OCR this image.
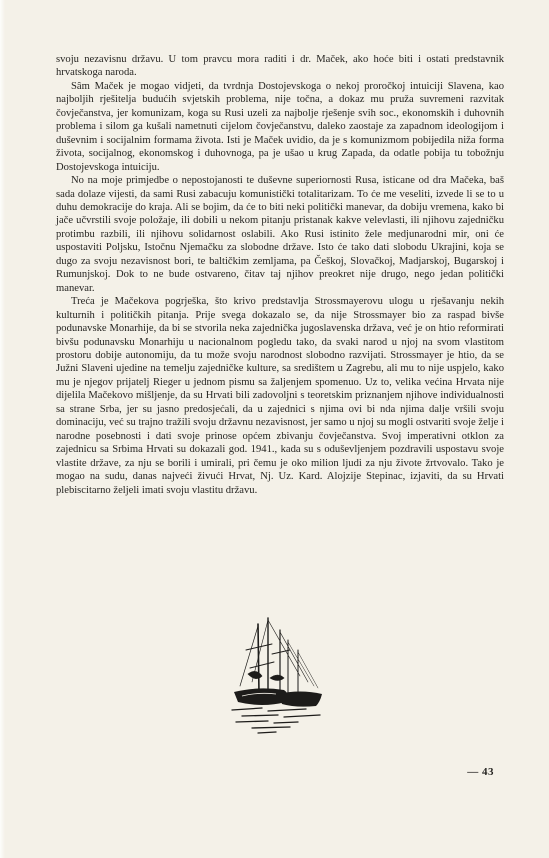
svoju nezavisnu državu. U tom pravcu mora raditi i dr. Maček, ako hoće biti i ostati predstavnik hrvatskoga naroda.

Sâm Maček je mogao vidjeti, da tvrdnja Dostojevskoga o nekoj proročkoj intuiciji Slavena, kao najboljih rješitelja budućih svjetskih problema, nije točna, a dokaz mu pruža suvremeni razvitak čovječanstva, jer komunizam, koga su Rusi uzeli za najbolje rješenje svih soc., ekonomskih i duhovnih problema i silom ga kušali nametnuti cijelom čovječanstvu, daleko zaostaje za zapadnom ideologijom i duševnim i socijalnim formama života. Isti je Maček uvidio, da je s komunizmom pobijedila niža forma života, socijalnog, ekonomskog i duhovnoga, pa je ušao u krug Zapada, da odatle pobija tu tobožnju Dostojevskoga intuiciju.

No na moje primjedbe o nepostojanosti te duševne superiornosti Rusa, isticane od dra Mačeka, baš sada dolaze vijesti, da sami Rusi zabacuju komunistički totalitarizam. To će me veseliti, izvede li se to u duhu demokracije do kraja. Ali se bojim, da će to biti neki politički manevar, da dobiju vremena, kako bi jače učvrstili svoje položaje, ili dobili u nekom pitanju pristanak kakve velevlasti, ili njihovu zajedničku protimbu razbili, ili njihovu solidarnost oslabili. Ako Rusi istinito žele medjunarodni mir, oni će uspostaviti Poljsku, Istočnu Njemačku za slobodne države. Isto će tako dati slobodu Ukrajini, koja se dugo za svoju nezavisnost bori, te baltičkim zemljama, pa Češkoj, Slovačkoj, Madjarskoj, Bugarskoj i Rumunjskoj. Dok to ne bude ostvareno, čitav taj njihov preokret nije drugo, nego jedan politički manevar.

Treća je Mačekova pogrješka, što krivo predstavlja Strossmayerovu ulogu u rješavanju nekih kulturnih i političkih pitanja. Prije svega dokazalo se, da nije Strossmayer bio za raspad bivše podunavske Monarhije, da bi se stvorila neka zajednička jugoslavenska država, već je on htio reformirati bivšu podunavsku Monarhiju u nacionalnom pogledu tako, da svaki narod u njoj na svom vlastitom prostoru dobije autonomiju, da tu može svoju narodnost slobodno razvijati. Strossmayer je htio, da se Južni Slaveni ujedine na temelju zajedničke kulture, sa središtem u Zagrebu, ali mu to nije uspjelo, kako mu je njegov prijatelj Rieger u jednom pismu sa žaljenjem spomenuo. Uz to, velika većina Hrvata nije dijelila Mačekovo mišljenje, da su Hrvati bili zadovoljni s teoretskim priznanjem njihove individualnosti sa strane Srba, jer su jasno predosjećali, da u zajednici s njima ovi bi nda njima dalje vršili svoju dominaciju, već su trajno tražili svoju državnu nezavisnost, jer samo u njoj su mogli ostvariti svoje želje i narodne posebnosti i dati svoje prinose općem zbivanju čovječanstva. Svoj imperativni otklon za zajednicu sa Srbima Hrvati su dokazali god. 1941., kada su s oduševljenjem pozdravili uspostavu svoje vlastite države, za nju se borili i umirali, pri čemu je oko milion ljudi za nju živote žrtvovalo. Tako je mogao na sudu, danas najveći živući Hrvat, Nj. Uz. Kard. Alojzije Stepinac, izjaviti, da su Hrvati plebiscitarno željeli imati svoju vlastitu državu.

— 43
